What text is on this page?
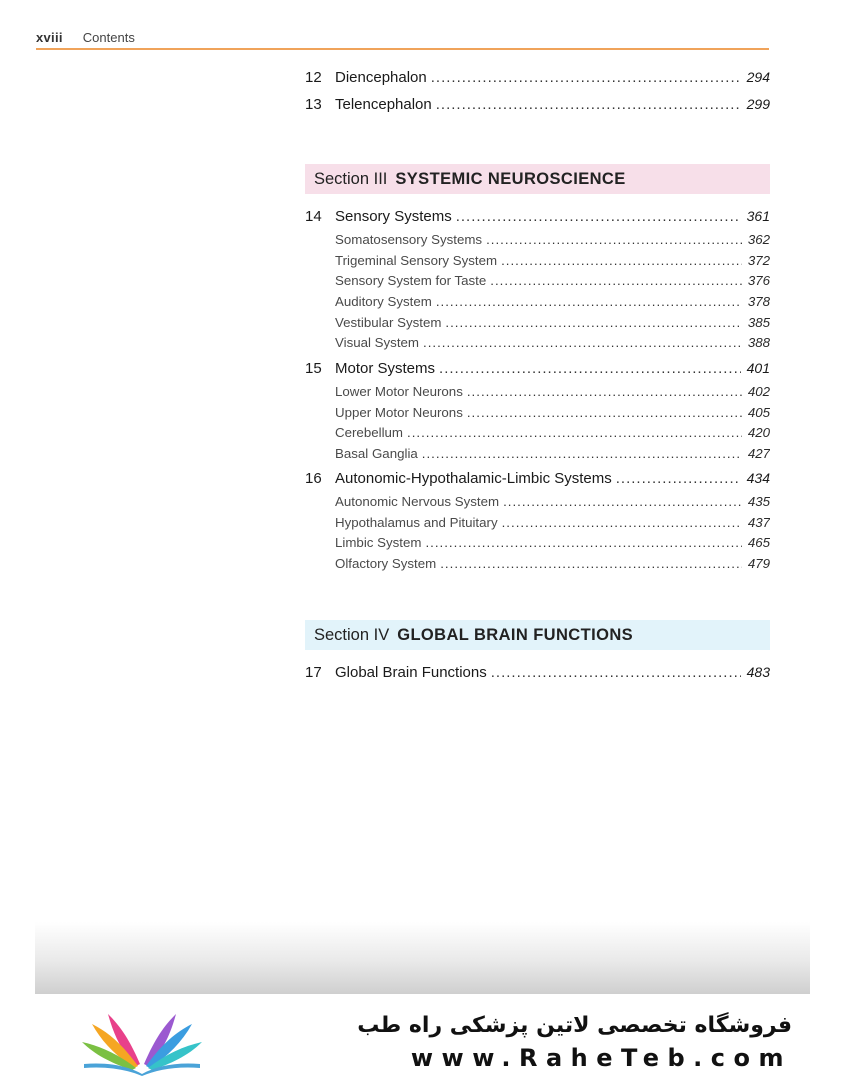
xviii Contents
12 Diencephalon .....	294
13 Telencephalon .....	299
Section III SYSTEMIC NEUROSCIENCE
14 Sensory Systems .....	361
Somatosensory Systems .....	362
Trigeminal Sensory System .....	372
Sensory System for Taste .....	376
Auditory System .....	378
Vestibular System .....	385
Visual System .....	388
15 Motor Systems .....	401
Lower Motor Neurons .....	402
Upper Motor Neurons .....	405
Cerebellum .....	420
Basal Ganglia .....	427
16 Autonomic-Hypothalamic-Limbic Systems .....	434
Autonomic Nervous System .....	435
Hypothalamus and Pituitary .....	437
Limbic System .....	465
Olfactory System .....	479
Section IV GLOBAL BRAIN FUNCTIONS
17 Global Brain Functions .....	483
فروشگاه تخصصی لاتین پزشکی راه طب
www.RaheTeb.com
